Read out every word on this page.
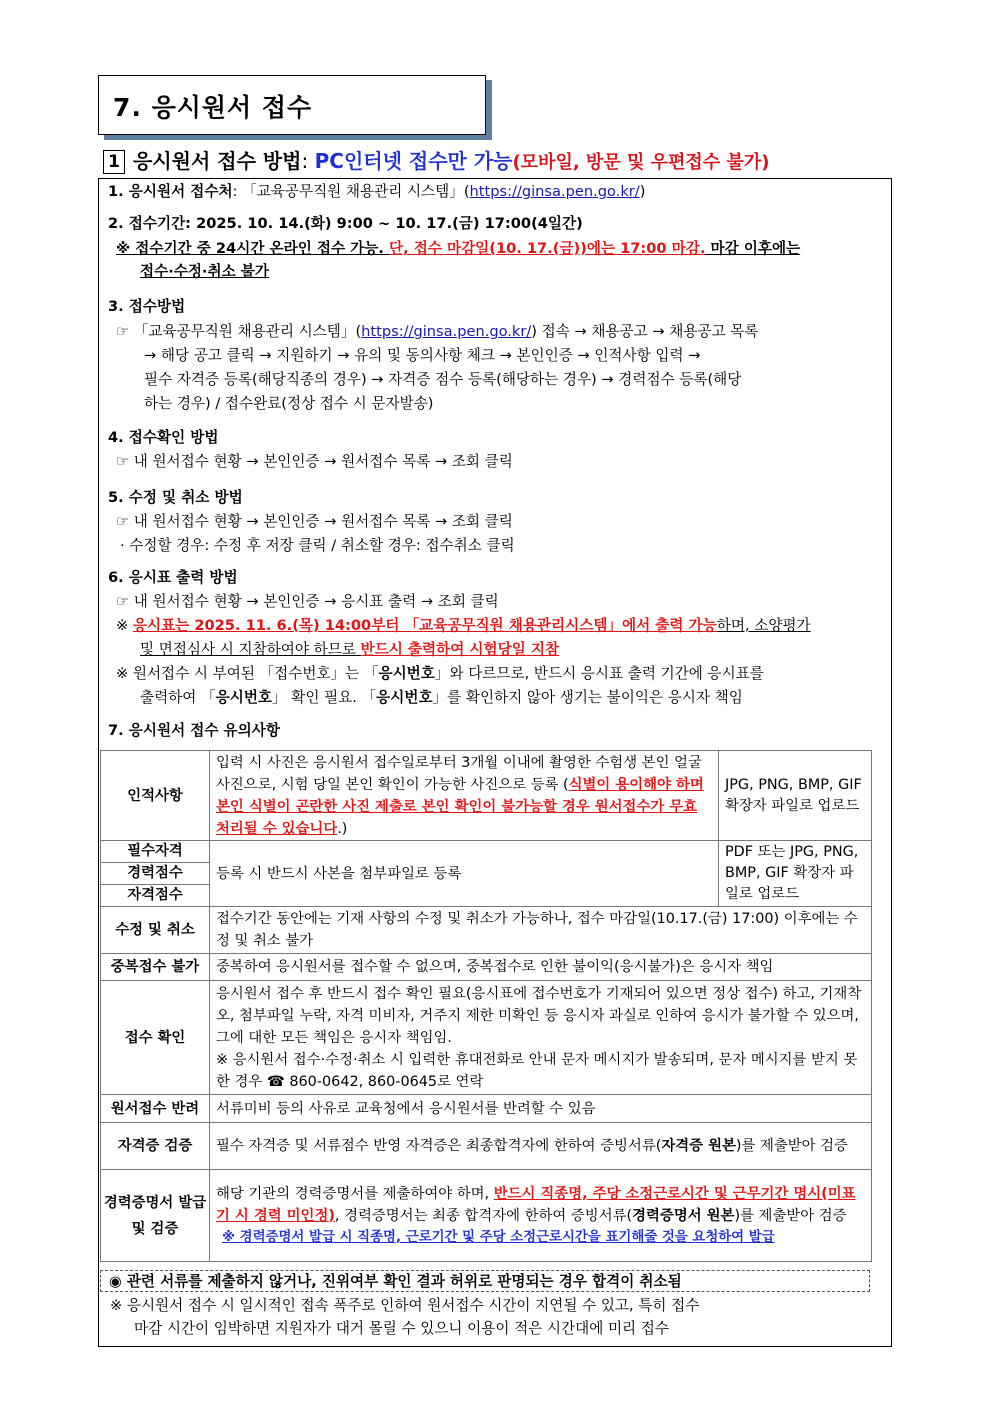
7. 응시원서 접수
1 응시원서 접수 방법: PC인터넷 접수만 가능(모바일, 방문 및 우편접수 불가)
1. 응시원서 접수처: 「교육공무직원 채용관리 시스템」(https://ginsa.pen.go.kr/)
2. 접수기간: 2025. 10. 14.(화) 9:00 ~ 10. 17.(금) 17:00(4일간)
※ 접수기간 중 24시간 온라인 접수 가능. 단, 접수 마감일(10. 17.(금))에는 17:00 마감. 마감 이후에는
접수·수정·취소 불가
3. 접수방법
☞ 「교육공무직원 채용관리 시스템」(https://ginsa.pen.go.kr/) 접속 → 채용공고 → 채용공고 목록
→ 해당 공고 클릭 → 지원하기 → 유의 및 동의사항 체크 → 본인인증 → 인적사항 입력 →
필수 자격증 등록(해당직종의 경우) → 자격증 점수 등록(해당하는 경우) → 경력점수 등록(해당
하는 경우) / 접수완료(정상 접수 시 문자발송)
4. 접수확인 방법
☞ 내 원서접수 현황 → 본인인증 → 원서접수 목록 → 조회 클릭
5. 수정 및 취소 방법
☞ 내 원서접수 현황 → 본인인증 → 원서접수 목록 → 조회 클릭
· 수정할 경우: 수정 후 저장 클릭 / 취소할 경우: 접수취소 클릭
6. 응시표 출력 방법
☞ 내 원서접수 현황 → 본인인증 → 응시표 출력 → 조회 클릭
※ 응시표는 2025. 11. 6.(목) 14:00부터 「교육공무직원 채용관리시스템」에서 출력 가능하며, 소양평가
및 면접심사 시 지참하여야 하므로 반드시 출력하여 시험당일 지참
※ 원서접수 시 부여된 「접수번호」는 「응시번호」와 다르므로, 반드시 응시표 출력 기간에 응시표를
출력하여 「응시번호」 확인 필요. 「응시번호」를 확인하지 않아 생기는 불이익은 응시자 책임
7. 응시원서 접수 유의사항
인적사항	입력 시 사진은 응시원서 접수일로부터 3개월 이내에 촬영한 수험생 본인 얼굴 사진으로, 시험 당일 본인 확인이 가능한 사진으로 등록 (식별이 용이해야 하며 본인 식별이 곤란한 사진 제출로 본인 확인이 불가능할 경우 원서접수가 무효 처리될 수 있습니다.)	JPG, PNG, BMP, GIF 확장자 파일로 업로드

필수자격
경력점수
자격점수	등록 시 반드시 사본을 첨부파일로 등록	PDF 또는 JPG, PNG, BMP, GIF 확장자 파일로 업로드
수정 및 취소	접수기간 동안에는 기재 사항의 수정 및 취소가 가능하나, 접수 마감일(10.17.(금) 17:00) 이후에는 수정 및 취소 불가	
중복접수 불가	중복하여 응시원서를 접수할 수 없으며, 중복접수로 인한 불이익(응시불가)은 응시자 책임	
접수 확인	응시원서 접수 후 반드시 접수 확인 필요(응시표에 접수번호가 기재되어 있으면 정상 접수) 하고, 기재착오, 첨부파일 누락, 자격 미비자, 거주지 제한 미확인 등 응시자 과실로 인하여 응시가 불가할 수 있으며, 그에 대한 모든 책임은 응시자 책임임.
※ 응시원서 접수·수정·취소 시 입력한 휴대전화로 안내 문자 메시지가 발송되며, 문자 메시지를 받지 못한 경우 ☎ 860-0642, 860-0645로 연락	

원서접수 반려	서류미비 등의 사유로 교육청에서 응시원서를 반려할 수 있음	
자격증 검증	필수 자격증 및 서류점수 반영 자격증은 최종합격자에 한하여 증빙서류(자격증 원본)를 제출받아 검증	
경력증명서 발급 및 검증	해당 기관의 경력증명서를 제출하여야 하며, 반드시 직종명, 주당 소정근로시간 및 근무기간 명시(미표기 시 경력 미인정), 경력증명서는 최종 합격자에 한하여 증빙서류(경력증명서 원본)를 제출받아 검증
※ 경력증명서 발급 시 직종명, 근로기간 및 주당 소정근로시간을 표기해줄 것을 요청하여 발급	
◉ 관련 서류를 제출하지 않거나, 진위여부 확인 결과 허위로 판명되는 경우 합격이 취소됨
※ 응시원서 접수 시 일시적인 접속 폭주로 인하여 원서접수 시간이 지연될 수 있고, 특히 접수
마감 시간이 임박하면 지원자가 대거 몰릴 수 있으니 이용이 적은 시간대에 미리 접수
